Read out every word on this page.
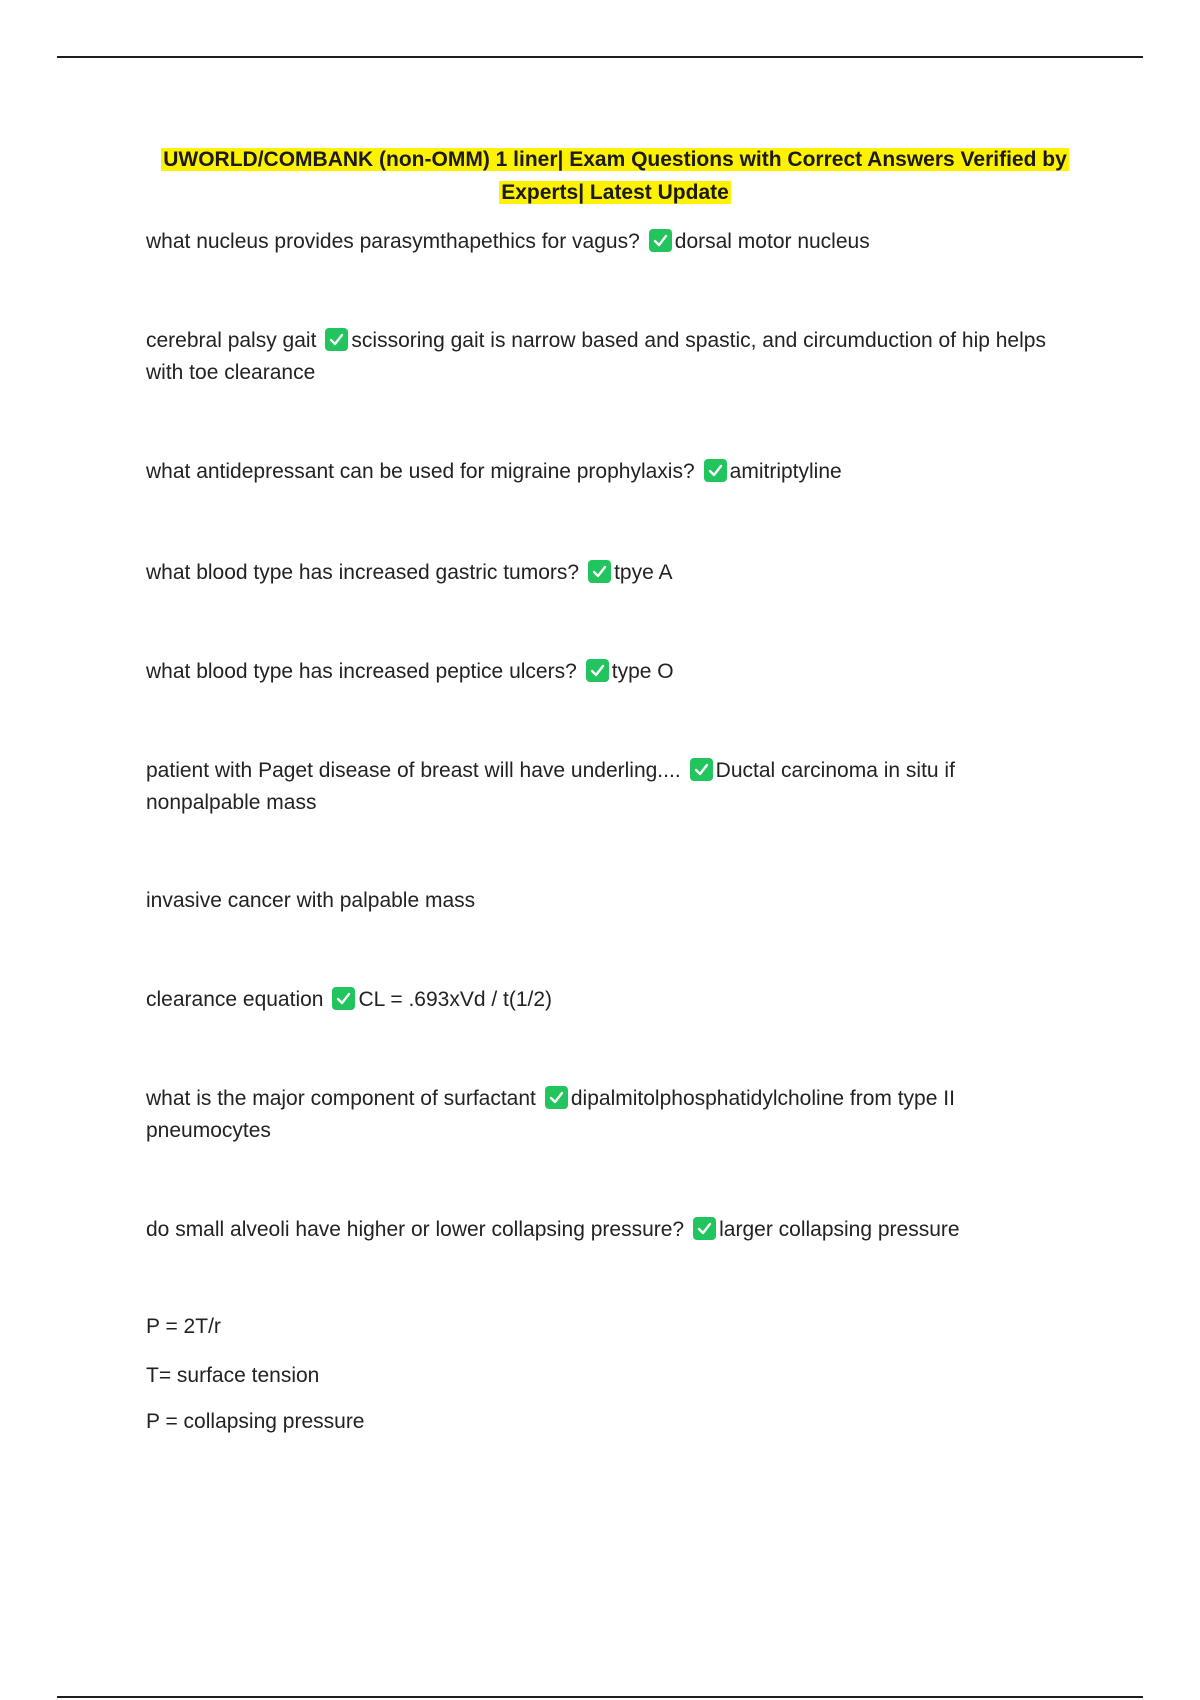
UWORLD/COMBANK (non-OMM) 1 liner| Exam Questions with Correct Answers Verified by Experts| Latest Update
what nucleus provides parasymthapethics for vagus? dorsal motor nucleus
cerebral palsy gait scissoring gait is narrow based and spastic, and circumduction of hip helps with toe clearance
what antidepressant can be used for migraine prophylaxis? amitriptyline
what blood type has increased gastric tumors? tpye A
what blood type has increased peptice ulcers? type O
patient with Paget disease of breast will have underling.... Ductal carcinoma in situ if nonpalpable mass
invasive cancer with palpable mass
clearance equation CL = .693xVd / t(1/2)
what is the major component of surfactant dipalmitolphosphatidylcholine from type II pneumocytes
do small alveoli have higher or lower collapsing pressure? larger collapsing pressure
P = 2T/r
T= surface tension
P = collapsing pressure
